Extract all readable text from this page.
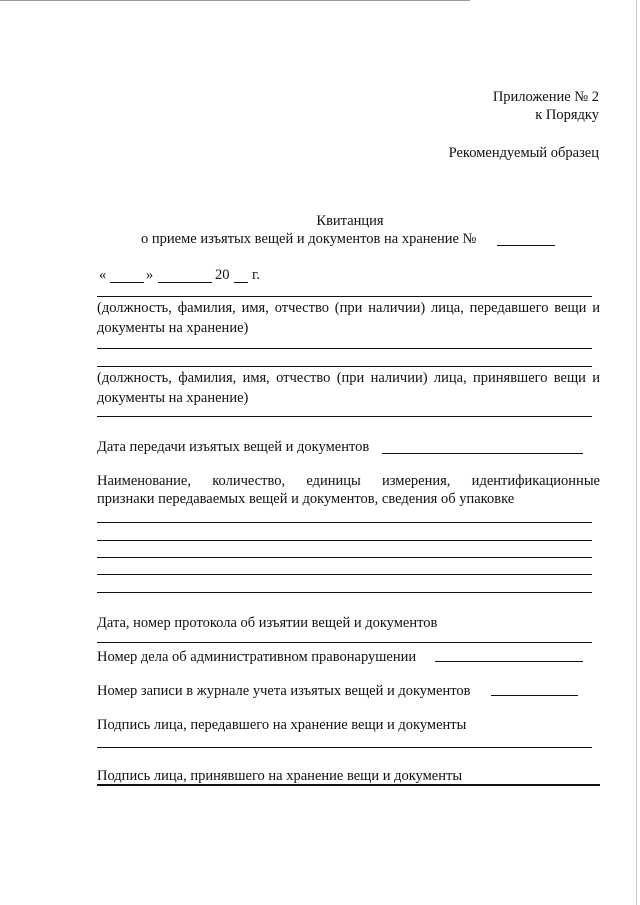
Приложение № 2
к Порядку
Рекомендуемый образец
Квитанция
о приеме изъятых вещей и документов на хранение №
«	»	20 г.
(должность, фамилия, имя, отчество (при наличии) лица, передавшего вещи и документы на хранение)
(должность, фамилия, имя, отчество (при наличии) лица, принявшего вещи и документы на хранение)
Дата передачи изъятых вещей и документов
Наименование, количество, единицы измерения, идентификационные
признаки передаваемых вещей и документов, сведения об упаковке
Дата, номер протокола об изъятии вещей и документов
Номер дела об административном правонарушении
Номер записи в журнале учета изъятых вещей и документов
Подпись лица, передавшего на хранение вещи и документы
Подпись лица, принявшего на хранение вещи и документы
